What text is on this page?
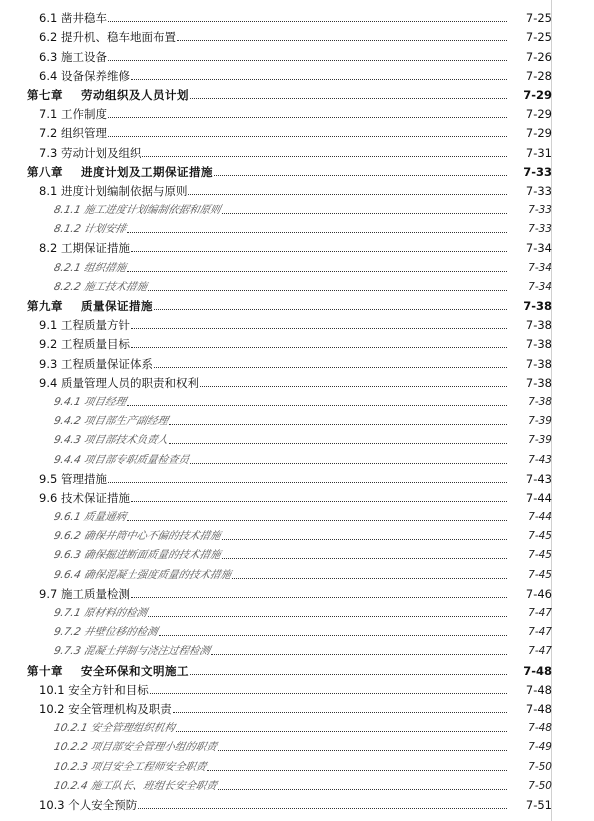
6.1 凿井稳车	7-25
6.2 提升机、稳车地面布置	7-25
6.3 施工设备	7-26
6.4 设备保养维修	7-28
第七章 劳动组织及人员计划	7-29
7.1 工作制度	7-29
7.2 组织管理	7-29
7.3 劳动计划及组织	7-31
第八章 进度计划及工期保证措施	7-33
8.1 进度计划编制依据与原则	7-33
8.1.1 施工进度计划编制依据和原则	7-33
8.1.2 计划安排	7-33
8.2 工期保证措施	7-34
8.2.1 组织措施	7-34
8.2.2 施工技术措施	7-34
第九章 质量保证措施	7-38
9.1 工程质量方针	7-38
9.2 工程质量目标	7-38
9.3 工程质量保证体系	7-38
9.4 质量管理人员的职责和权利	7-38
9.4.1 项目经理	7-38
9.4.2 项目部生产副经理	7-39
9.4.3 项目部技术负责人	7-39
9.4.4 项目部专职质量检查员	7-43
9.5 管理措施	7-43
9.6 技术保证措施	7-44
9.6.1 质量通病	7-44
9.6.2 确保井筒中心不偏的技术措施	7-45
9.6.3 确保掘进断面质量的技术措施	7-45
9.6.4 确保混凝土强度质量的技术措施	7-45
9.7 施工质量检测	7-46
9.7.1 原材料的检测	7-47
9.7.2 井壁位移的检测	7-47
9.7.3 混凝土拌制与浇注过程检测	7-47
第十章 安全环保和文明施工	7-48
10.1 安全方针和目标	7-48
10.2 安全管理机构及职责	7-48
10.2.1 安全管理组织机构	7-48
10.2.2 项目部安全管理小组的职责	7-49
10.2.3 项目安全工程师安全职责	7-50
10.2.4 施工队长、班组长安全职责	7-50
10.3 个人安全预防	7-51
